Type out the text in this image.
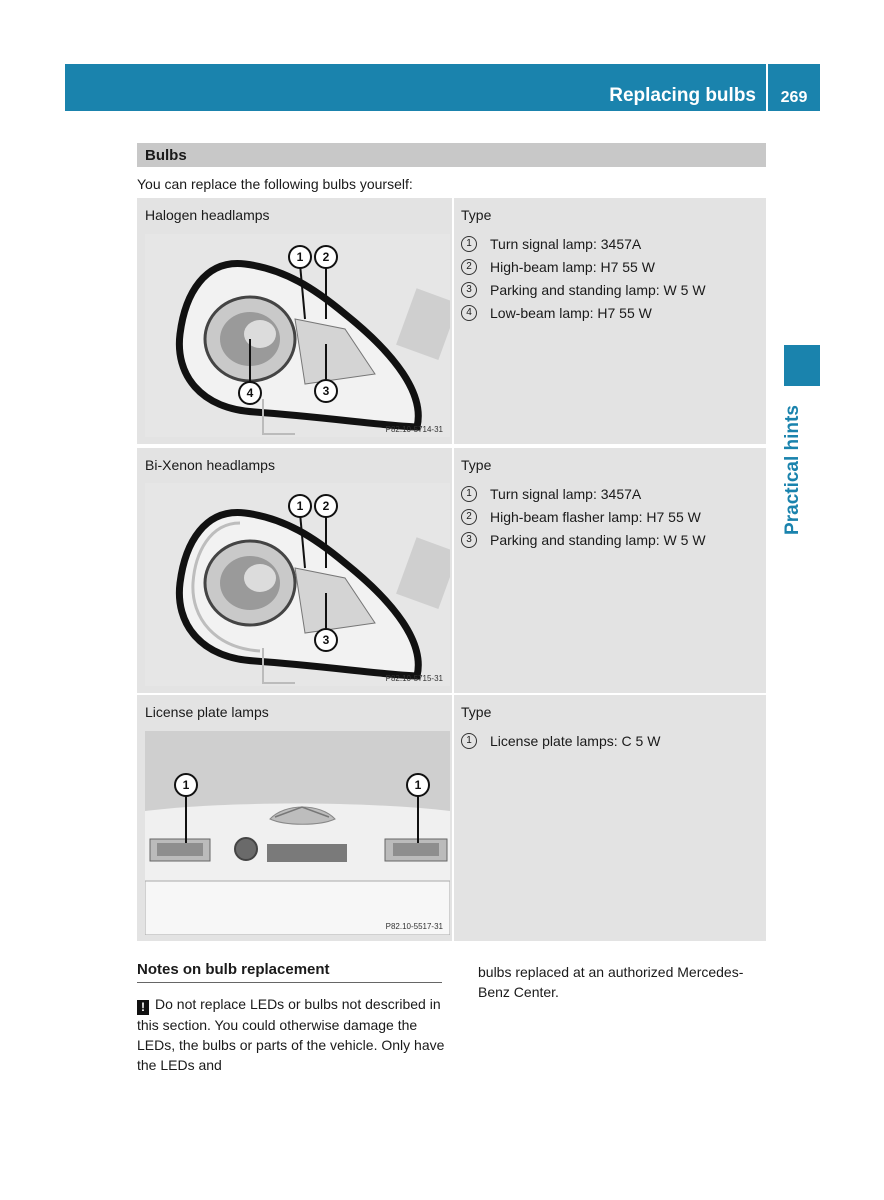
Replacing bulbs	269
Practical hints
Bulbs
You can replace the following bulbs yourself:
Halogen headlamps
1 2
3
4
P82.10-5714-31
Type
1	Turn signal lamp: 3457A
2	High-beam lamp: H7 55 W
3	Parking and standing lamp: W 5 W
4	Low-beam lamp: H7 55 W
Bi-Xenon headlamps
1 2
3
P82.10-5715-31
Type
1	Turn signal lamp: 3457A
2	High-beam flasher lamp: H7 55 W
3	Parking and standing lamp: W 5 W
License plate lamps
1	1
P82.10-5517-31
Type
1	License plate lamps: C 5 W
Notes on bulb replacement
! Do not replace LEDs or bulbs not described in this section. You could otherwise damage the LEDs, the bulbs or parts of the vehicle. Only have the LEDs and
bulbs replaced at an authorized Mercedes-Benz Center.
